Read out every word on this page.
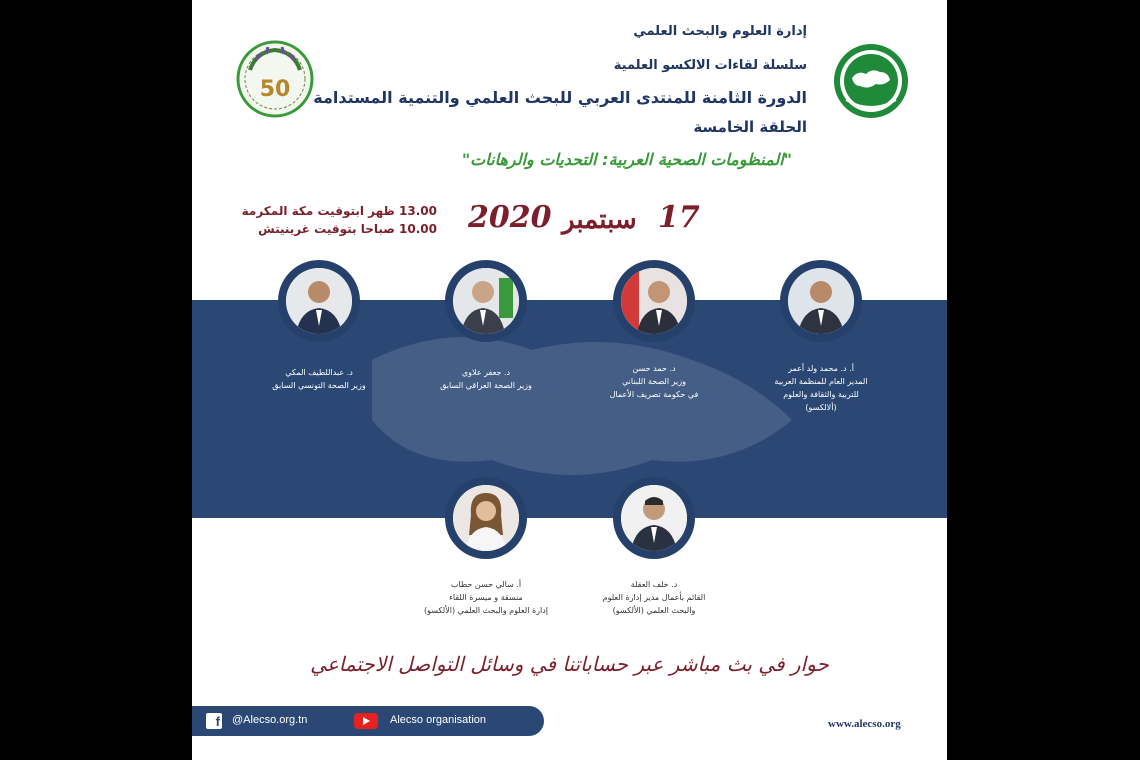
50
إدارة العلوم والبحث العلمي
سلسلة لقاءات الالكسو العلمية
الدورة الثامنة للمنتدى العربي للبحث العلمي والتنمية المستدامة
الحلقة الخامسة
"المنظومات الصحية العربية: التحديات والرهانات"
17
سبتمبر
2020
13.00 ظهر ابتوقيت مكة المكرمة
10.00 صباحا بتوقيت غرينيتش
أ. د. محمد ولد أعمر
المدير العام للمنظمة العربية
للتربية والثقافة والعلوم
(ألالكسو)
د. حمد حسن
وزير الصحة اللبناني
في حكومة تصريف الأعمال
د. جعفر علاوي
وزير الصحة العراقي السابق
د. عبداللطيف المكي
وزير الصحة التونسي السابق
د. خلف العقلة
القائم بأعمال مدير إدارة العلوم
والبحث العلمي (الألكسو)
أ. سالي حسن حطاب
منسقة و ميسرة اللقاء
إدارة العلوم والبحث العلمي (الألكسو)
حوار في بث مباشر عبر حساباتنا في وسائل التواصل الاجتماعي
f @Alecso.org.tn	Alecso organisation	www.alecso.org
